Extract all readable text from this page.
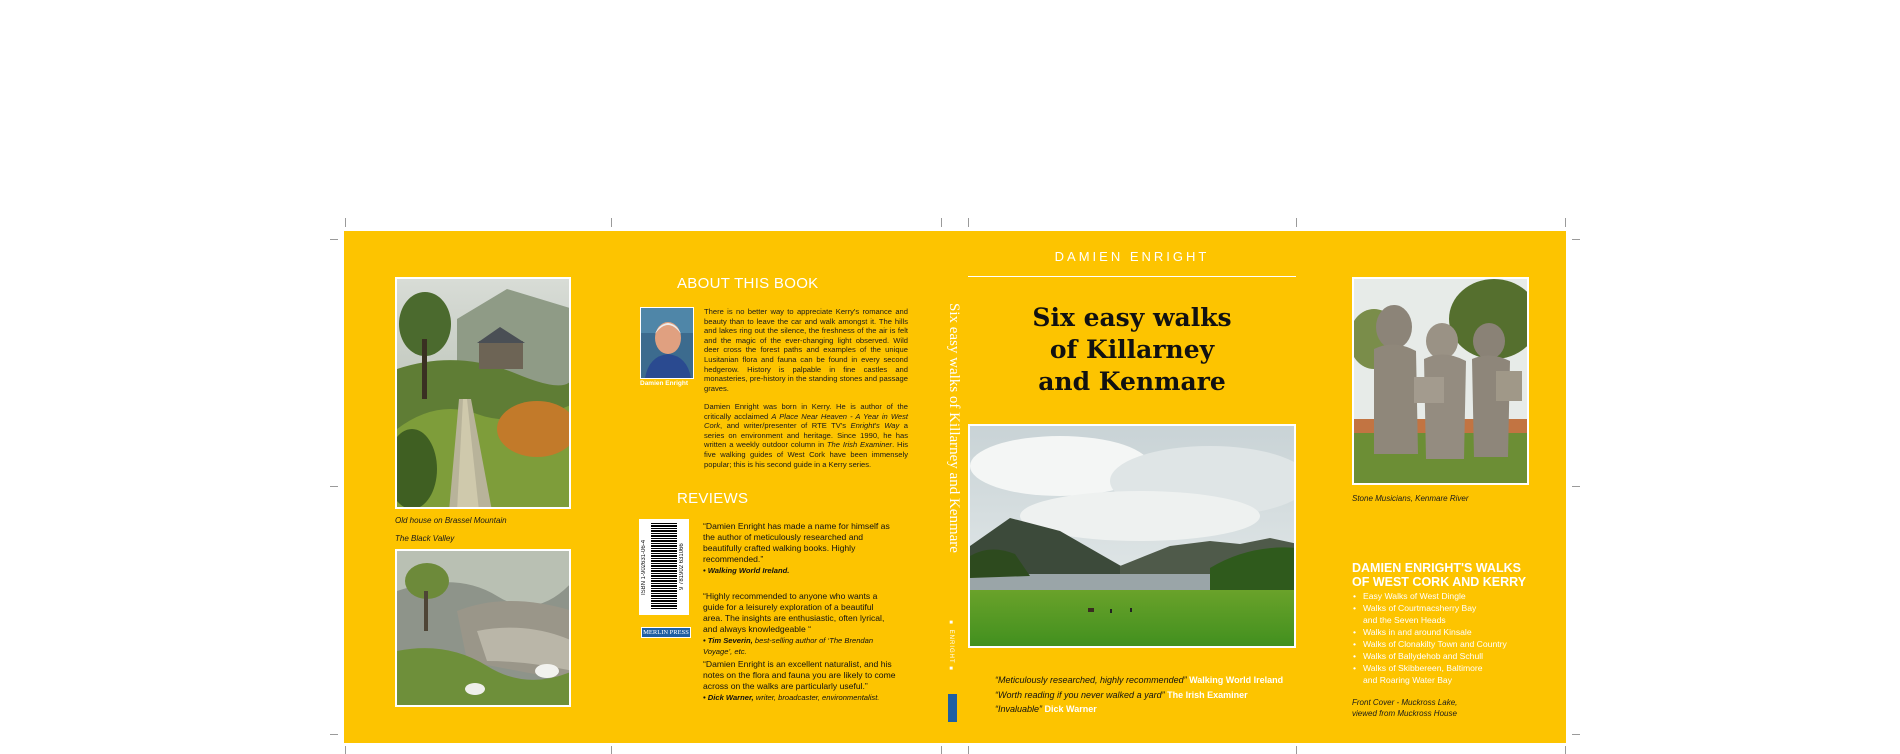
Old house on Brassel Mountain
The Black Valley
ABOUT THIS BOOK
Damien Enright
There is no better way to appreciate Kerry's romance and beauty than to leave the car and walk amongst it. The hills and lakes ring out the silence, the freshness of the air is felt and the magic of the ever-changing light observed. Wild deer cross the forest paths and examples of the unique Lusitanian flora and fauna can be found in every second hedgerow. History is palpable in fine castles and monasteries, pre-history in the standing stones and passage graves.
Damien Enright was born in Kerry. He is author of the critically acclaimed A Place Near Heaven - A Year in West Cork, and writer/presenter of RTE TV's Enright's Way a series on environment and heritage. Since 1990, he has written a weekly outdoor column in The Irish Examiner. His five walking guides of West Cork have been immensely popular; this is his second guide in a Kerry series.
REVIEWS
ISBN 1-902631-06-4	9 781902 631066
MERLIN PRESS
“Damien Enright has made a name for himself as the author of meticulously researched and beautifully crafted walking books. Highly recommended.”
• Walking World Ireland.
“Highly recommended to anyone who wants a guide for a leisurely exploration of a beautiful area. The insights are enthusiastic, often lyrical, and always knowledgeable “
• Tim Severin, best-selling author of ‘The Brendan Voyage’, etc.
“Damien Enright is an excellent naturalist, and his notes on the flora and fauna you are likely to come across on the walks are particularly useful.”
• Dick Warner, writer, broadcaster, environmentalist.
Six easy walks of Killarney and Kenmare
■ ENRIGHT ■
DAMIEN ENRIGHT
Six easy walks
of Killarney
and Kenmare
“Meticulously researched, highly recommended” Walking World Ireland
“Worth reading if you never walked a yard” The Irish Examiner
“Invaluable” Dick Warner
Stone Musicians, Kenmare River
DAMIEN ENRIGHT'S WALKS
OF WEST CORK AND KERRY
• Easy Walks of West Dingle
• Walks of Courtmacsherry Bay
and the Seven Heads
• Walks in and around Kinsale
• Walks of Clonakilty Town and Country
• Walks of Ballydehob and Schull
• Walks of Skibbereen, Baltimore
and Roaring Water Bay
Front Cover - Muckross Lake,
viewed from Muckross House
